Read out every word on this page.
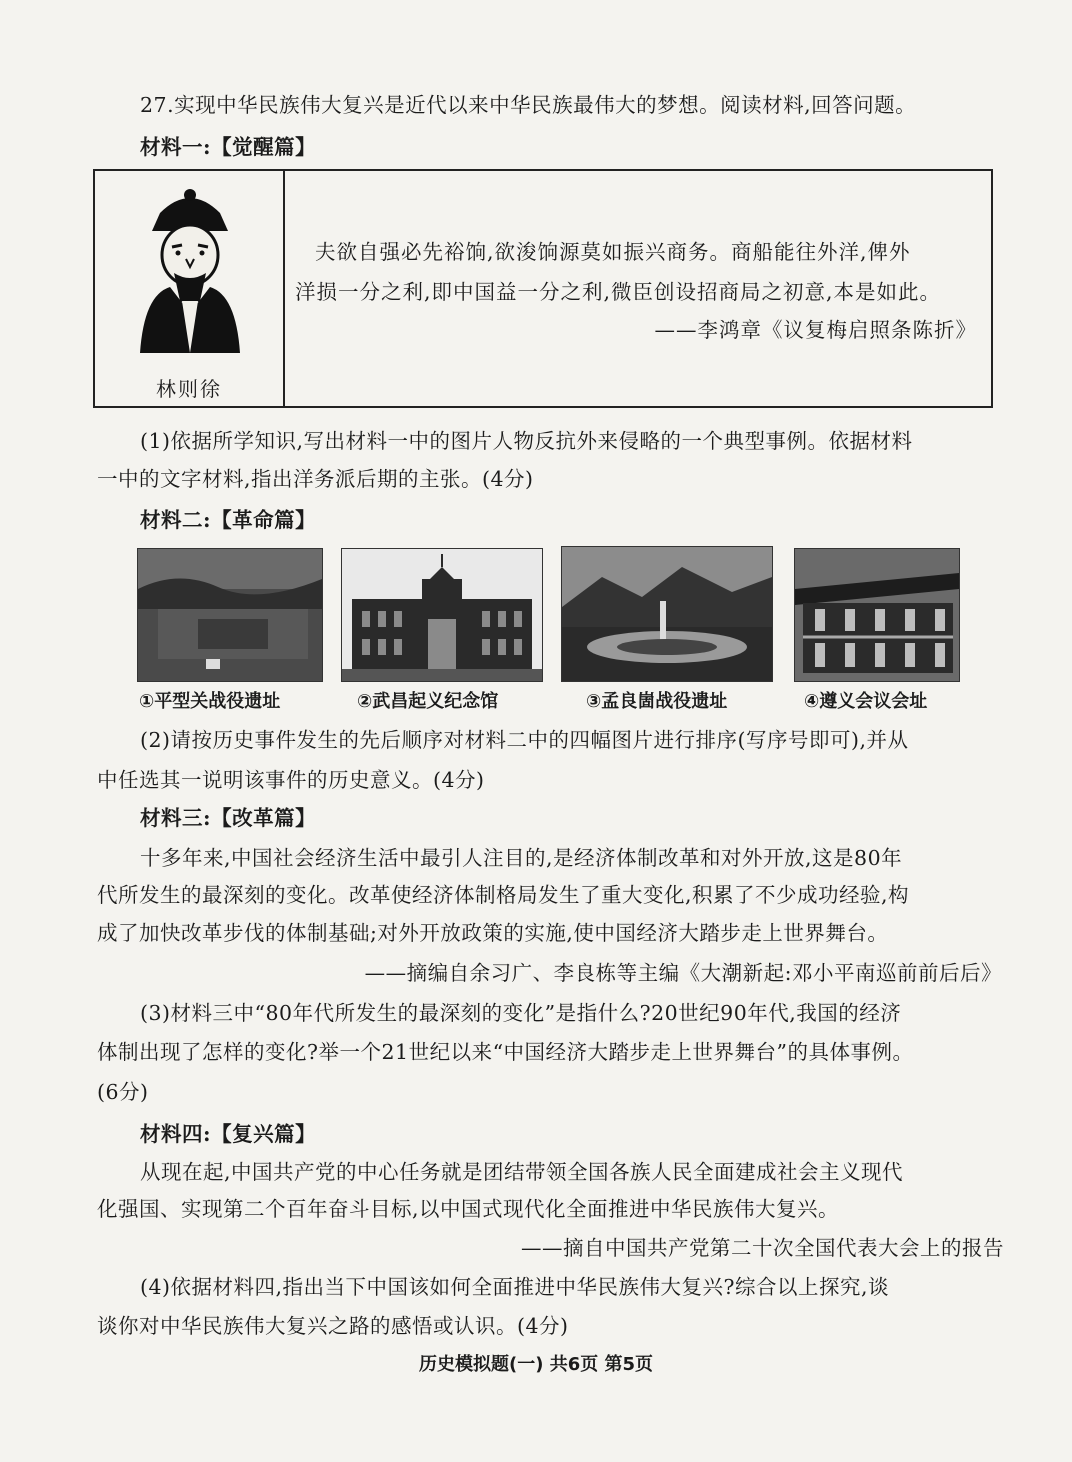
27.实现中华民族伟大复兴是近代以来中华民族最伟大的梦想。阅读材料,回答问题。
材料一:【觉醒篇】
林则徐
夫欲自强必先裕饷,欲浚饷源莫如振兴商务。商船能往外洋,俾外
洋损一分之利,即中国益一分之利,微臣创设招商局之初意,本是如此。
——李鸿章《议复梅启照条陈折》
(1)依据所学知识,写出材料一中的图片人物反抗外来侵略的一个典型事例。依据材料
一中的文字材料,指出洋务派后期的主张。(4分)
材料二:【革命篇】
①平型关战役遗址	②武昌起义纪念馆	③孟良崮战役遗址	④遵义会议会址
(2)请按历史事件发生的先后顺序对材料二中的四幅图片进行排序(写序号即可),并从
中任选其一说明该事件的历史意义。(4分)
材料三:【改革篇】
十多年来,中国社会经济生活中最引人注目的,是经济体制改革和对外开放,这是80年
代所发生的最深刻的变化。改革使经济体制格局发生了重大变化,积累了不少成功经验,构
成了加快改革步伐的体制基础;对外开放政策的实施,使中国经济大踏步走上世界舞台。
——摘编自余习广、李良栋等主编《大潮新起:邓小平南巡前前后后》
(3)材料三中“80年代所发生的最深刻的变化”是指什么?20世纪90年代,我国的经济
体制出现了怎样的变化?举一个21世纪以来“中国经济大踏步走上世界舞台”的具体事例。
(6分)
材料四:【复兴篇】
从现在起,中国共产党的中心任务就是团结带领全国各族人民全面建成社会主义现代
化强国、实现第二个百年奋斗目标,以中国式现代化全面推进中华民族伟大复兴。
——摘自中国共产党第二十次全国代表大会上的报告
(4)依据材料四,指出当下中国该如何全面推进中华民族伟大复兴?综合以上探究,谈
谈你对中华民族伟大复兴之路的感悟或认识。(4分)
历史模拟题(一) 共6页 第5页
